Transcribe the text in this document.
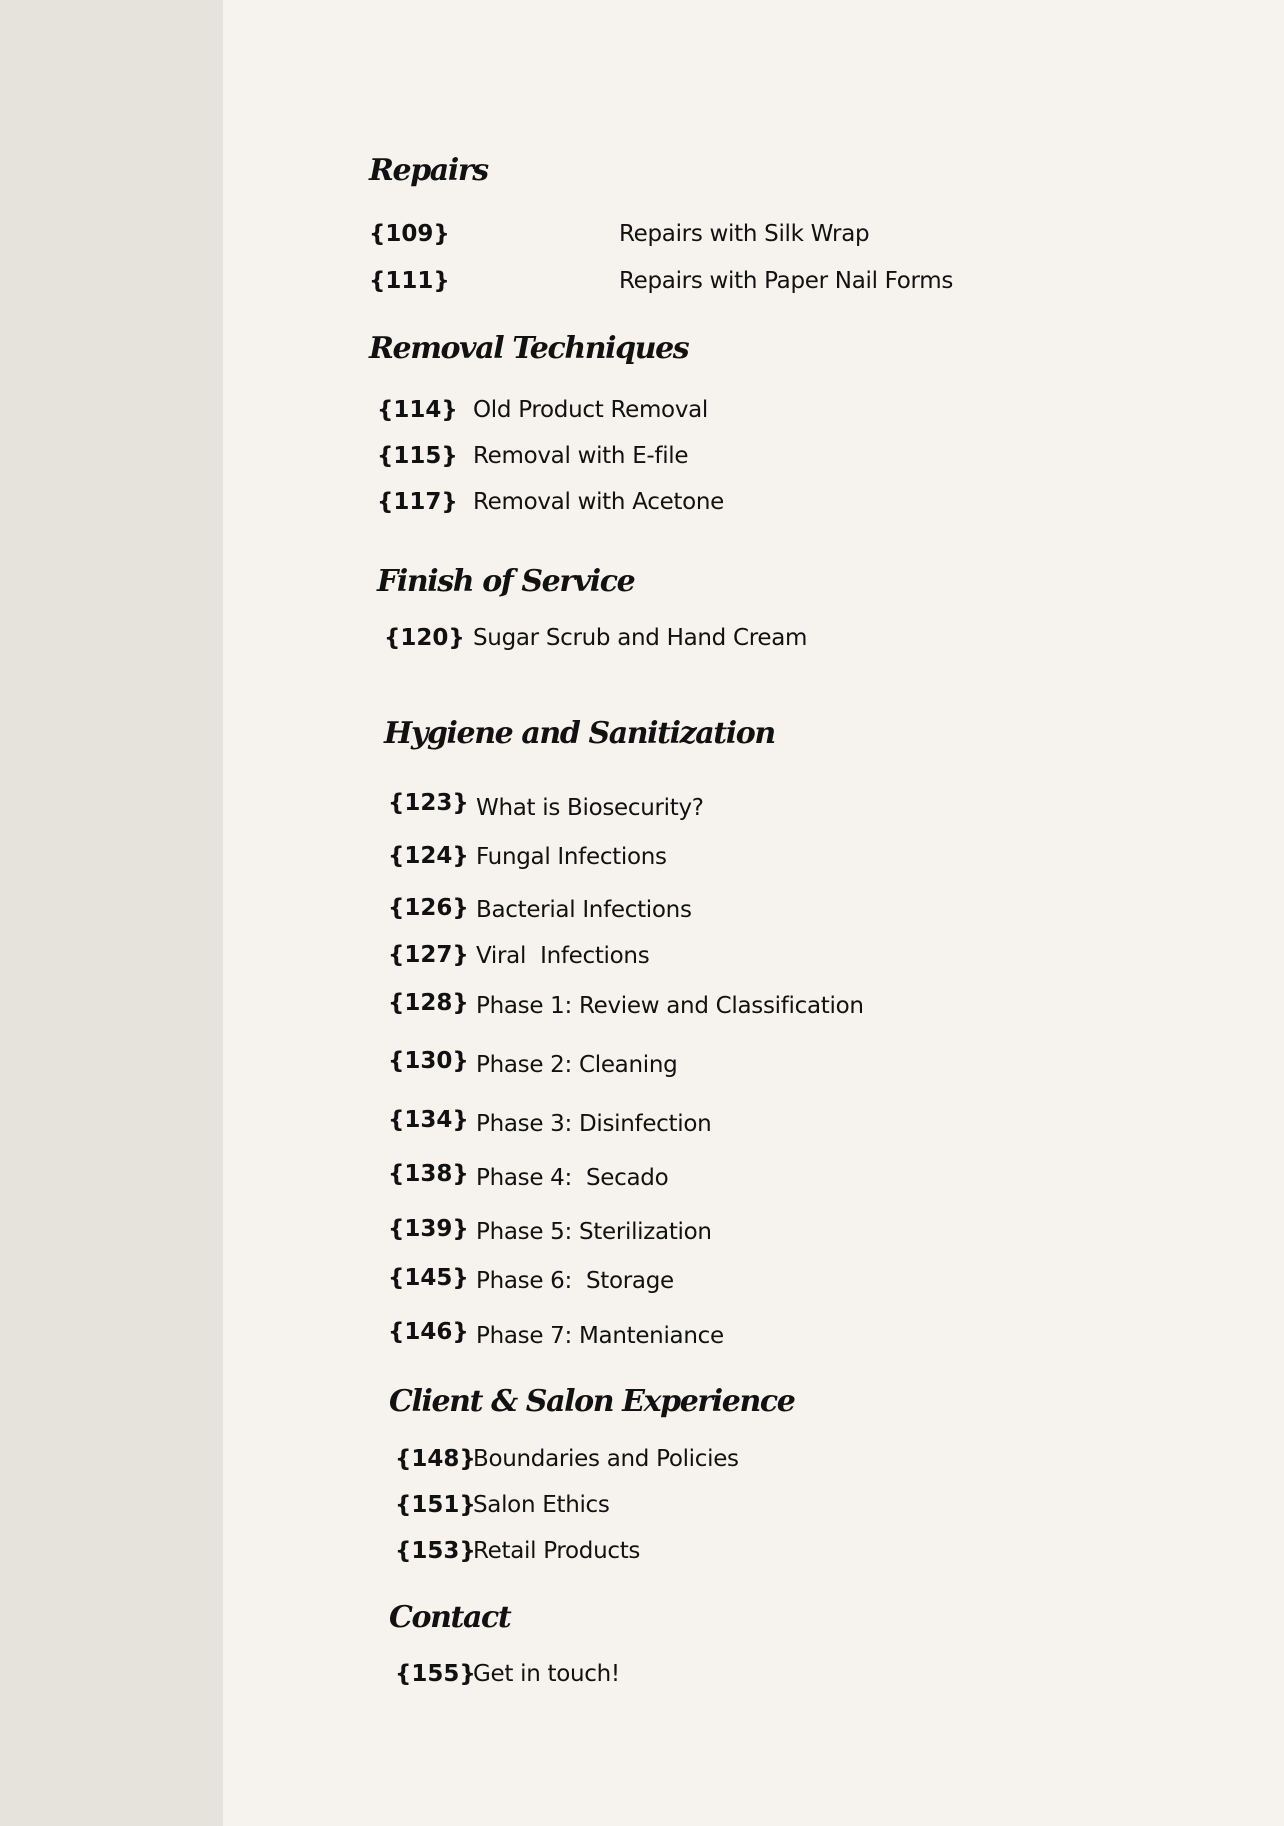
Repairs
{109}	Repairs with Silk Wrap
{111}	Repairs with Paper Nail Forms
Removal Techniques
{114} Old Product Removal
{115} Removal with E-file
{117} Removal with Acetone
Finish of Service
{120} Sugar Scrub and Hand Cream
Hygiene and Sanitization
{123} What is Biosecurity?
{124} Fungal Infections
{126} Bacterial Infections
{127} Viral  Infections
{128} Phase 1: Review and Classification
{130} Phase 2: Cleaning
{134} Phase 3: Disinfection
{138} Phase 4:  Secado
{139} Phase 5: Sterilization
{145} Phase 6:  Storage
{146} Phase 7: Manteniance
Client & Salon Experience
{148}
Boundaries and Policies
{151}
Salon Ethics
{153}
Retail Products
Contact
{155}
Get in touch!
